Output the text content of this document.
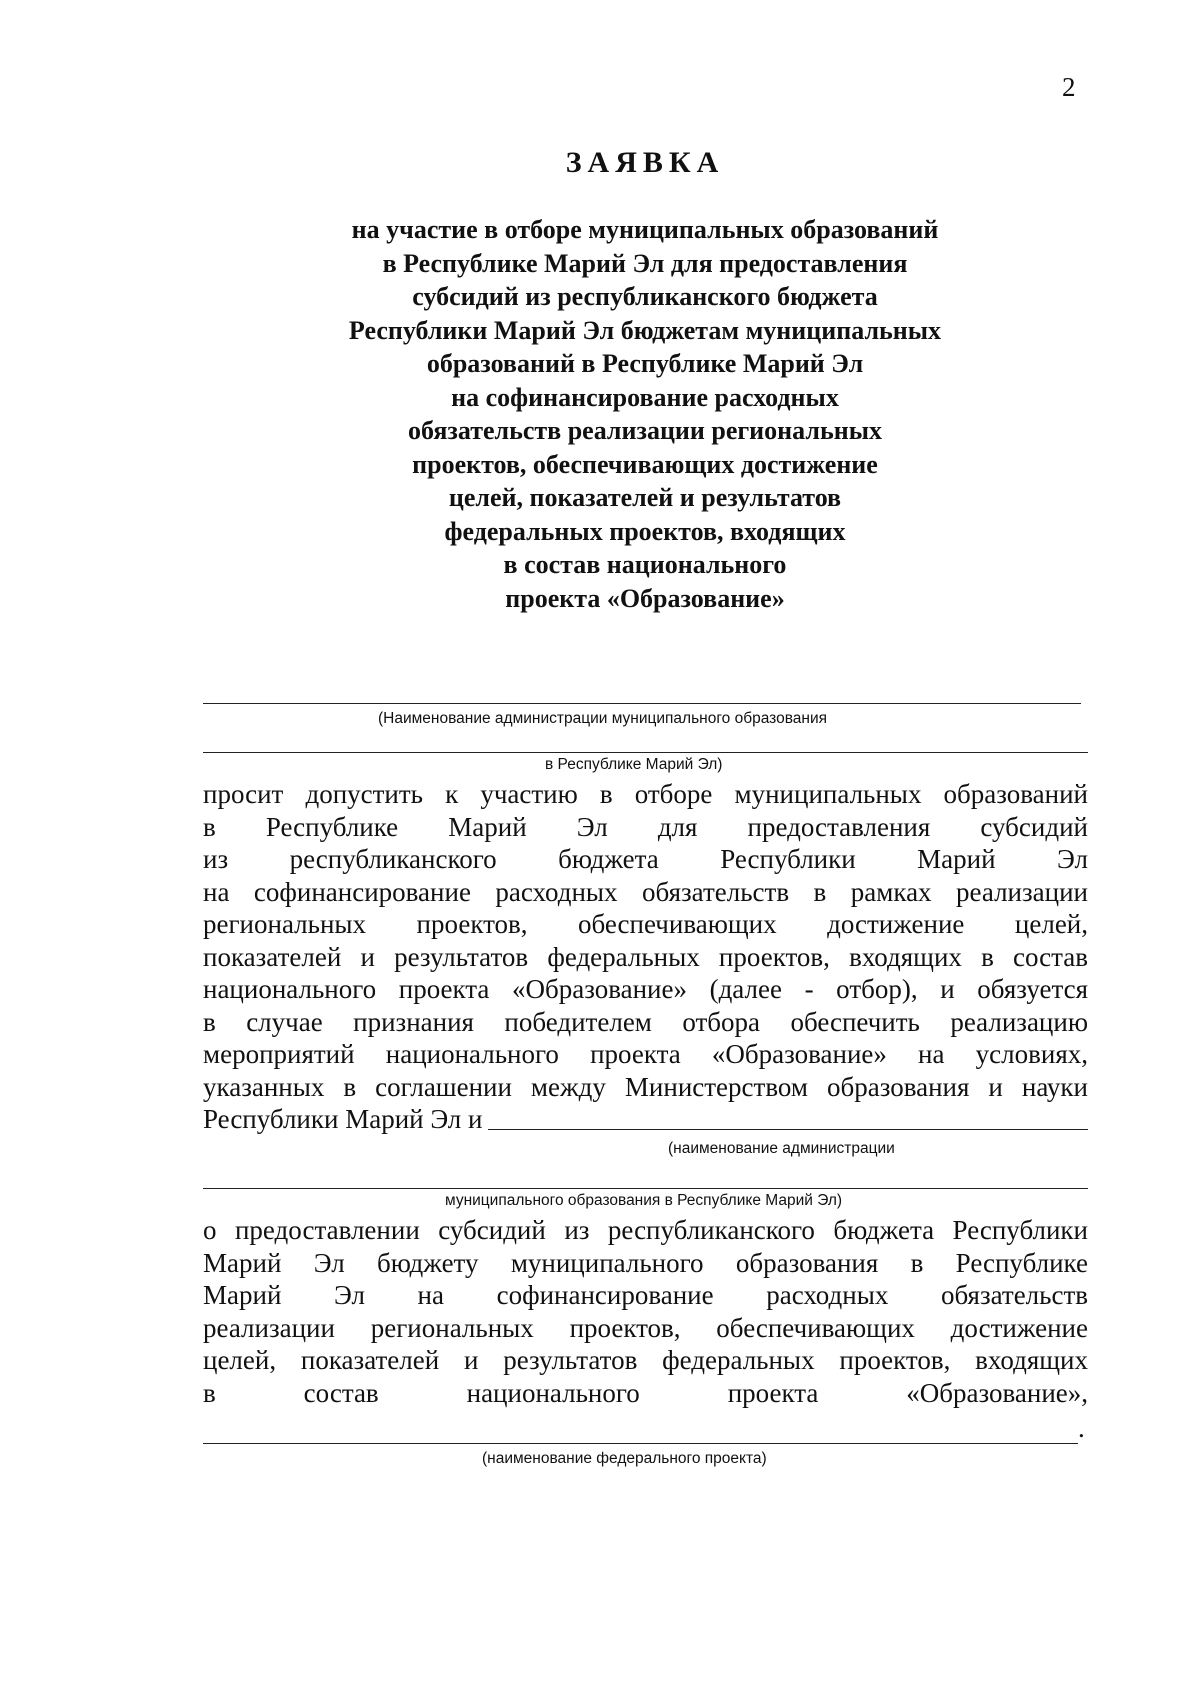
2
ЗАЯВКА
на участие в отборе муниципальных образований
в Республике Марий Эл для предоставления
субсидий из республиканского бюджета
Республики Марий Эл бюджетам муниципальных
образований в Республике Марий Эл
на софинансирование расходных
обязательств реализации региональных
проектов, обеспечивающих достижение
целей, показателей и результатов
федеральных проектов, входящих
в состав национального
проекта «Образование»
(Наименование администрации муниципального образования
в Республике Марий Эл)
просит допустить к участию в отборе муниципальных образований
в Республике Марий Эл для предоставления субсидий
из республиканского бюджета Республики Марий Эл
на софинансирование расходных обязательств в рамках реализации
региональных проектов, обеспечивающих достижение целей,
показателей и результатов федеральных проектов, входящих в состав
национального проекта «Образование» (далее - отбор), и обязуется
в случае признания победителем отбора обеспечить реализацию
мероприятий национального проекта «Образование» на условиях,
указанных в соглашении между Министерством образования и науки
Республики Марий Эл и
(наименование администрации
муниципального образования в Республике Марий Эл)
о предоставлении субсидий из республиканского бюджета Республики
Марий Эл бюджету муниципального образования в Республике
Марий Эл на софинансирование расходных обязательств
реализации региональных проектов, обеспечивающих достижение
целей, показателей и результатов федеральных проектов, входящих
в состав национального проекта «Образование»,
.
(наименование федерального проекта)
